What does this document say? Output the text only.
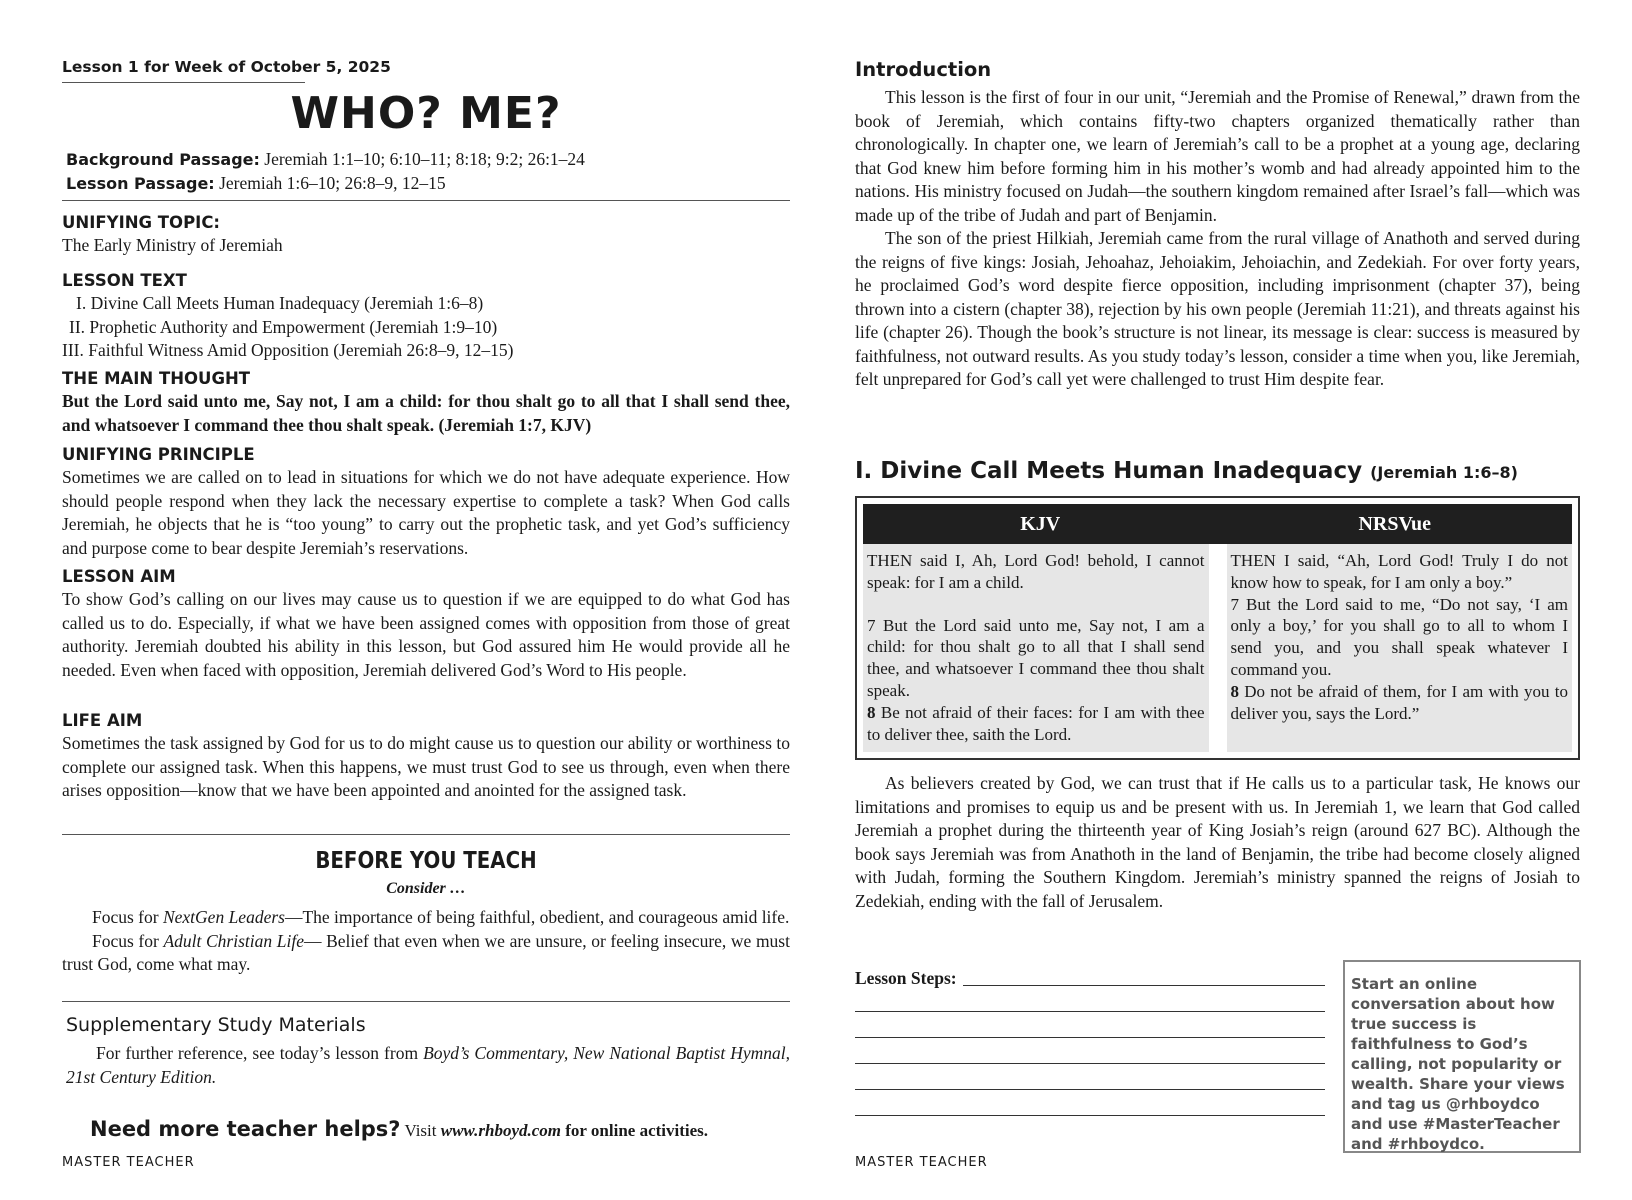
Lesson 1 for Week of October 5, 2025
WHO? ME?
Background Passage: Jeremiah 1:1–10; 6:10–11; 8:18; 9:2; 26:1–24
Lesson Passage: Jeremiah 1:6–10; 26:8–9, 12–15
UNIFYING TOPIC:

The Early Ministry of Jeremiah

LESSON TEXT
I. Divine Call Meets Human Inadequacy (Jeremiah 1:6–8)
II. Prophetic Authority and Empowerment (Jeremiah 1:9–10)
III. Faithful Witness Amid Opposition (Jeremiah 26:8–9, 12–15)
THE MAIN THOUGHT

But the Lord said unto me, Say not, I am a child: for thou shalt go to all that I shall send thee, and whatsoever I command thee thou shalt speak. (Jeremiah 1:7, KJV)

UNIFYING PRINCIPLE

Sometimes we are called on to lead in situations for which we do not have adequate experience. How should people respond when they lack the necessary expertise to complete a task? When God calls Jeremiah, he objects that he is “too young” to carry out the prophetic task, and yet God’s sufficiency and purpose come to bear despite Jeremiah’s reservations.

LESSON AIM

To show God’s calling on our lives may cause us to question if we are equipped to do what God has called us to do. Especially, if what we have been assigned comes with opposition from those of great authority. Jeremiah doubted his ability in this lesson, but God assured him He would provide all he needed. Even when faced with opposition, Jeremiah delivered God’s Word to His people.

LIFE AIM

Sometimes the task assigned by God for us to do might cause us to question our ability or worthiness to complete our assigned task. When this happens, we must trust God to see us through, even when there arises opposition—know that we have been appointed and anointed for the assigned task.

BEFORE YOU TEACH
Consider …

Focus for NextGen Leaders—The importance of being faithful, obedient, and courageous amid life.

Focus for Adult Christian Life— Belief that even when we are unsure, or feeling insecure, we must trust God, come what may.

Supplementary Study Materials

For further reference, see today’s lesson from Boyd’s Commentary, New National Baptist Hymnal, 21st Century Edition.

Need more teacher helps? Visit www.rhboyd.com for online activities.
MASTER TEACHER
Introduction

This lesson is the first of four in our unit, “Jeremiah and the Promise of Renewal,” drawn from the book of Jeremiah, which contains fifty-two chapters organized thematically rather than chronologically. In chapter one, we learn of Jeremiah’s call to be a prophet at a young age, declaring that God knew him before forming him in his mother’s womb and had already appointed him to the nations. His ministry focused on Judah—the southern kingdom remained after Israel’s fall—which was made up of the tribe of Judah and part of Benjamin.

The son of the priest Hilkiah, Jeremiah came from the rural village of Anathoth and served during the reigns of five kings: Josiah, Jehoahaz, Jehoiakim, Jehoiachin, and Zedekiah. For over forty years, he proclaimed God’s word despite fierce opposition, including imprisonment (chapter 37), being thrown into a cistern (chapter 38), rejection by his own people (Jeremiah 11:21), and threats against his life (chapter 26). Though the book’s structure is not linear, its message is clear: success is measured by faithfulness, not outward results. As you study today’s lesson, consider a time when you, like Jeremiah, felt unprepared for God’s call yet were challenged to trust Him despite fear.

I. Divine Call Meets Human Inadequacy (Jeremiah 1:6–8)
KJV	NRSVue

THEN said I, Ah, Lord God! behold, I cannot speak: for I am a child.

7 But the Lord said unto me, Say not, I am a child: for thou shalt go to all that I shall send thee, and whatsoever I command thee thou shalt speak.

8 Be not afraid of their faces: for I am with thee to deliver thee, saith the Lord.

THEN I said, “Ah, Lord God! Truly I do not know how to speak, for I am only a boy.”

7 But the Lord said to me, “Do not say, ‘I am only a boy,’ for you shall go to all to whom I send you, and you shall speak whatever I command you.

8 Do not be afraid of them, for I am with you to deliver you, says the Lord.”

As believers created by God, we can trust that if He calls us to a particular task, He knows our limitations and promises to equip us and be present with us. In Jeremiah 1, we learn that God called Jeremiah a prophet during the thirteenth year of King Josiah’s reign (around 627 BC). Although the book says Jeremiah was from Anathoth in the land of Benjamin, the tribe had become closely aligned with Judah, forming the Southern Kingdom. Jeremiah’s ministry spanned the reigns of Josiah to Zedekiah, ending with the fall of Jerusalem.

Lesson Steps:	Start an online conversation about how true success is faithfulness to God’s calling, not popularity or wealth. Share your views and tag us @rhboydco and use #MasterTeacher and #rhboydco.
MASTER TEACHER
